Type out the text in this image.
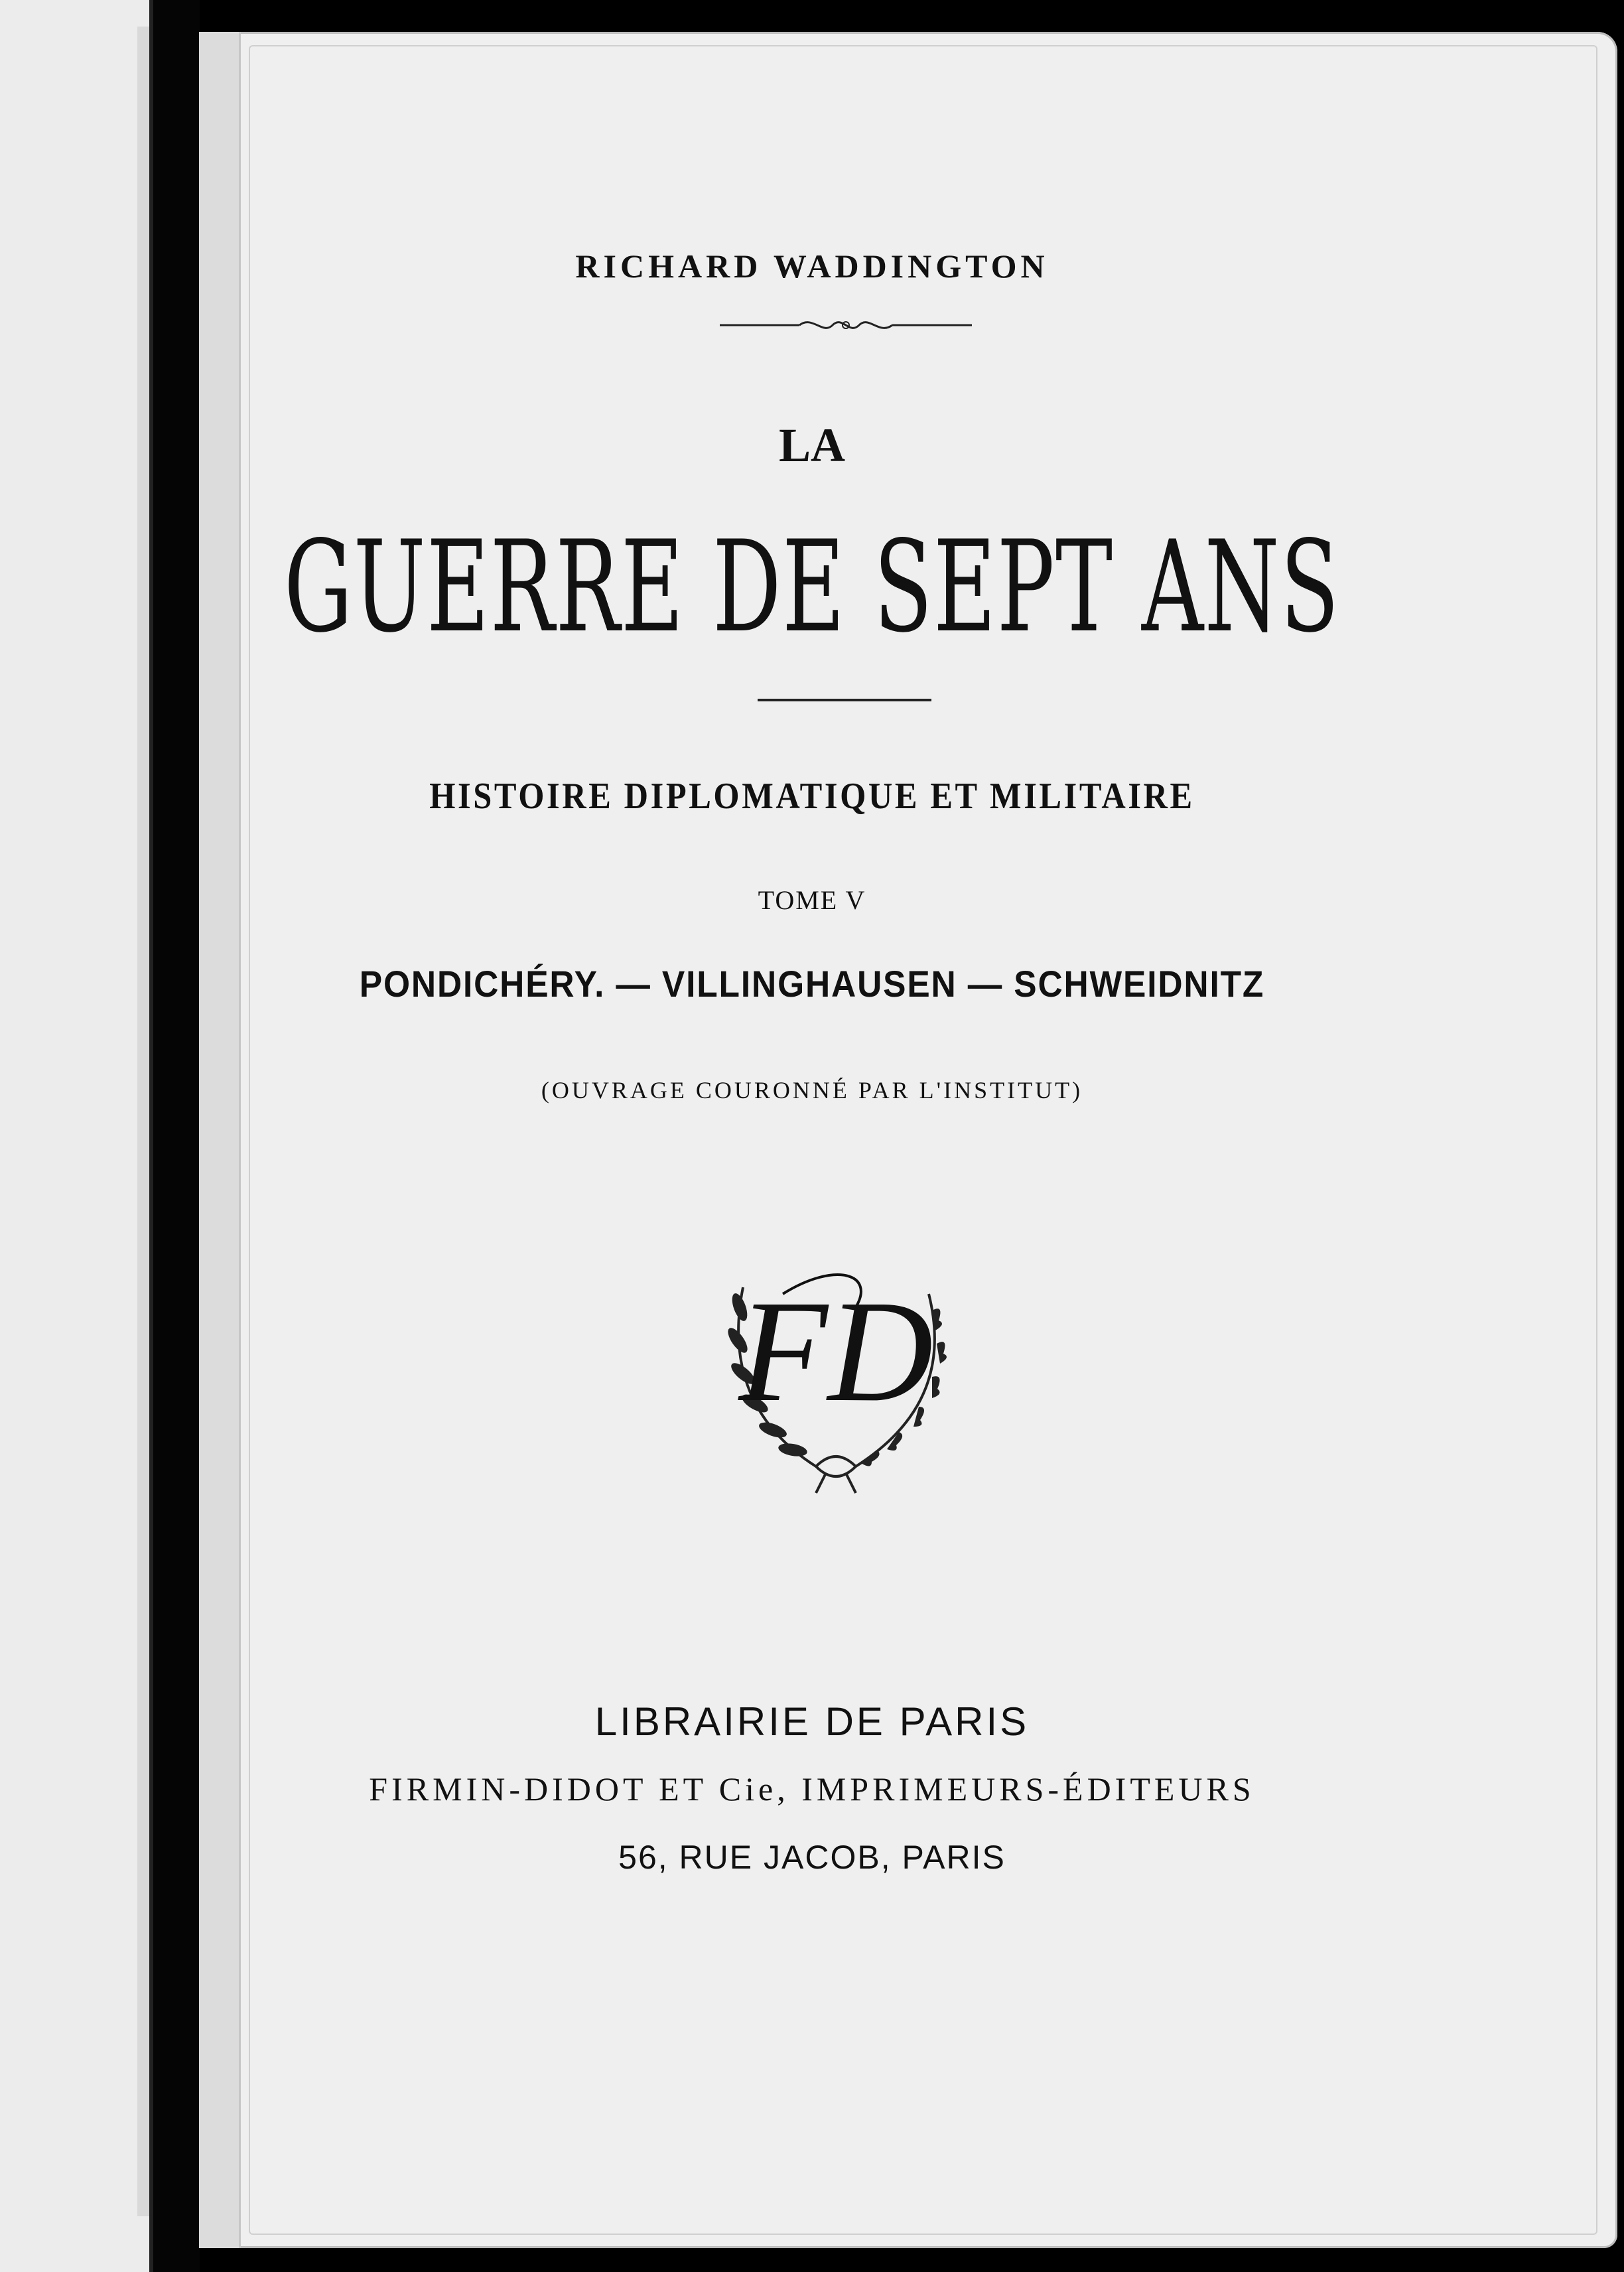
RICHARD WADDINGTON
LA
GUERRE DE SEPT ANS
HISTOIRE DIPLOMATIQUE ET MILITAIRE
TOME V
PONDICHÉRY. — VILLINGHAUSEN — SCHWEIDNITZ
(OUVRAGE COURONNÉ PAR L'INSTITUT)
FD
LIBRAIRIE DE PARIS
FIRMIN-DIDOT ET Cie, IMPRIMEURS-ÉDITEURS
56, RUE JACOB, PARIS
